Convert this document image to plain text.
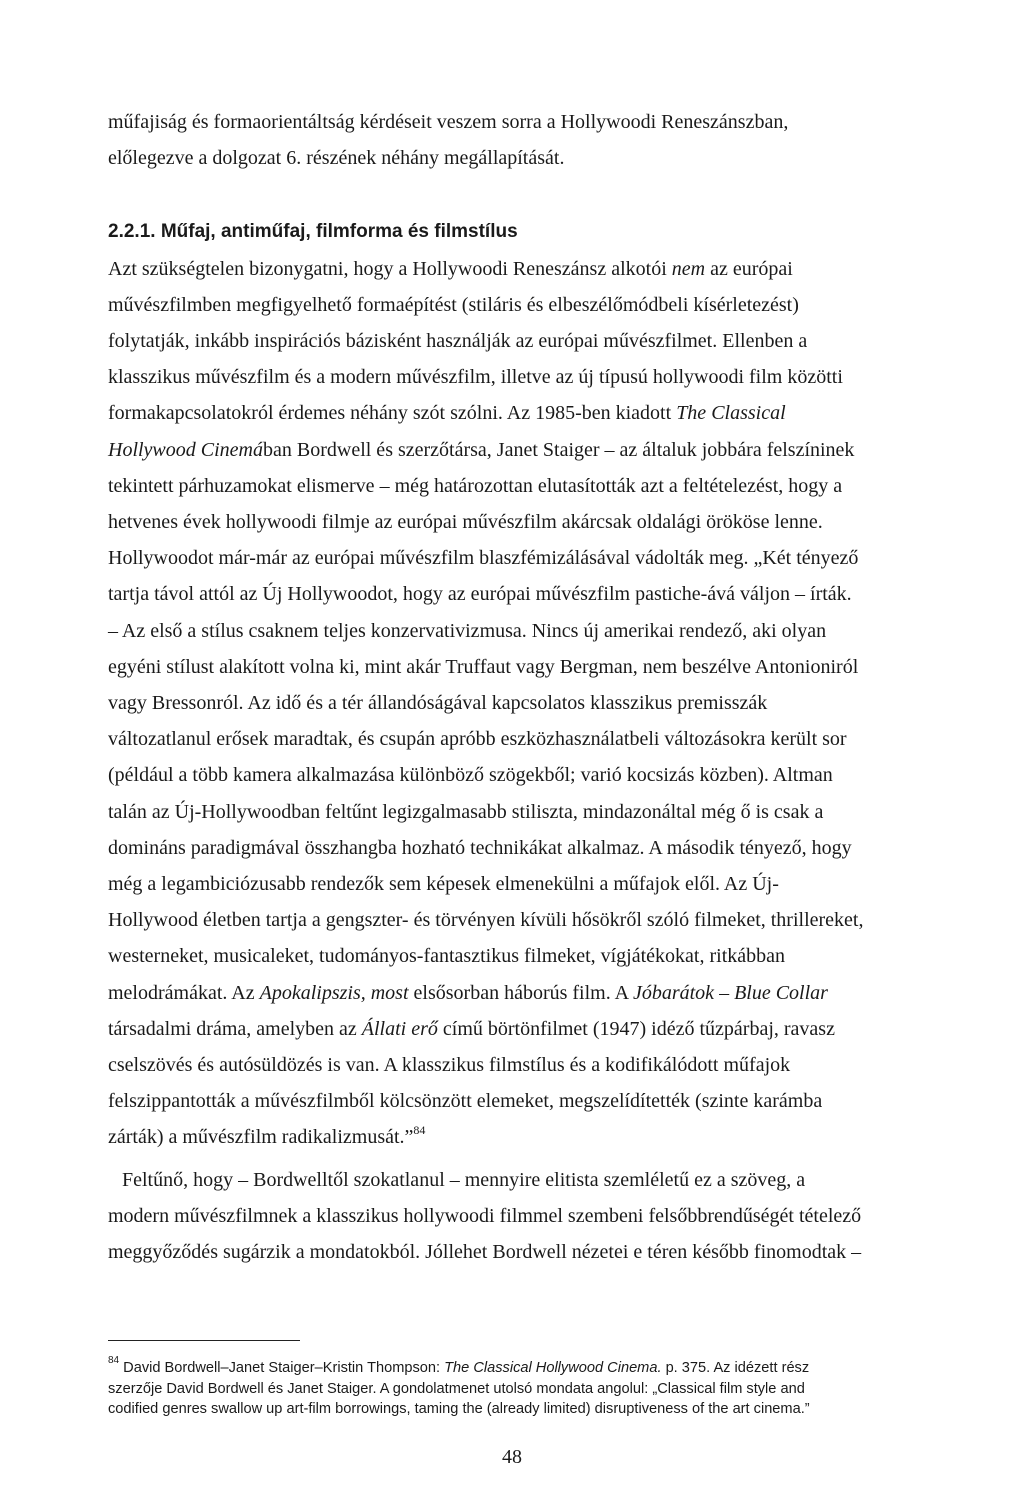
műfajiság és formaorientáltság kérdéseit veszem sorra a Hollywoodi Reneszánszban,
előlegezve a dolgozat 6. részének néhány megállapítását.
2.2.1. Műfaj, antiműfaj, filmforma és filmstílus
Azt szükségtelen bizonygatni, hogy a Hollywoodi Reneszánsz alkotói nem az európai
művészfilmben megfigyelhető formaépítést (stiláris és elbeszélőmódbeli kísérletezést)
folytatják, inkább inspirációs bázisként használják az európai művészfilmet. Ellenben a
klasszikus művészfilm és a modern művészfilm, illetve az új típusú hollywoodi film közötti
formakapcsolatokról érdemes néhány szót szólni. Az 1985-ben kiadott The Classical
Hollywood Cinemában Bordwell és szerzőtársa, Janet Staiger – az általuk jobbára felszíninek
tekintett párhuzamokat elismerve – még határozottan elutasították azt a feltételezést, hogy a
hetvenes évek hollywoodi filmje az európai művészfilm akárcsak oldalági örököse lenne.
Hollywoodot már-már az európai művészfilm blaszfémizálásával vádolták meg. „Két tényező
tartja távol attól az Új Hollywoodot, hogy az európai művészfilm pastiche-ává váljon – írták.
– Az első a stílus csaknem teljes konzervativizmusa. Nincs új amerikai rendező, aki olyan
egyéni stílust alakított volna ki, mint akár Truffaut vagy Bergman, nem beszélve Antonioniról
vagy Bressonról. Az idő és a tér állandóságával kapcsolatos klasszikus premisszák
változatlanul erősek maradtak, és csupán apróbb eszközhasználatbeli változásokra került sor
(például a több kamera alkalmazása különböző szögekből; varió kocsizás közben). Altman
talán az Új-Hollywoodban feltűnt legizgalmasabb stiliszta, mindazonáltal még ő is csak a
domináns paradigmával összhangba hozható technikákat alkalmaz. A második tényező, hogy
még a legambiciózusabb rendezők sem képesek elmenekülni a műfajok elől. Az Új-
Hollywood életben tartja a gengszter- és törvényen kívüli hősökről szóló filmeket, thrillereket,
westerneket, musicaleket, tudományos-fantasztikus filmeket, vígjátékokat, ritkábban
melodrámákat. Az Apokalipszis, most elsősorban háborús film. A Jóbarátok – Blue Collar
társadalmi dráma, amelyben az Állati erő című börtönfilmet (1947) idéző tűzpárbaj, ravasz
cselszövés és autósüldözés is van. A klasszikus filmstílus és a kodifikálódott műfajok
felszippantották a művészfilmből kölcsönzött elemeket, megszelídítették (szinte karámba
zárták) a művészfilm radikalizmusát.”$^{84}$
Feltűnő, hogy – Bordwelltől szokatlanul – mennyire elitista szemléletű ez a szöveg, a
modern művészfilmnek a klasszikus hollywoodi filmmel szembeni felsőbbrendűségét tételező
meggyőződés sugárzik a mondatokból. Jóllehet Bordwell nézetei e téren később finomodtak –
$^{84}$ David Bordwell–Janet Staiger–Kristin Thompson: The Classical Hollywood Cinema. p. 375. Az idézett rész
szerzője David Bordwell és Janet Staiger. A gondolatmenet utolsó mondata angolul: „Classical film style and
codified genres swallow up art-film borrowings, taming the (already limited) disruptiveness of the art cinema.”
48
